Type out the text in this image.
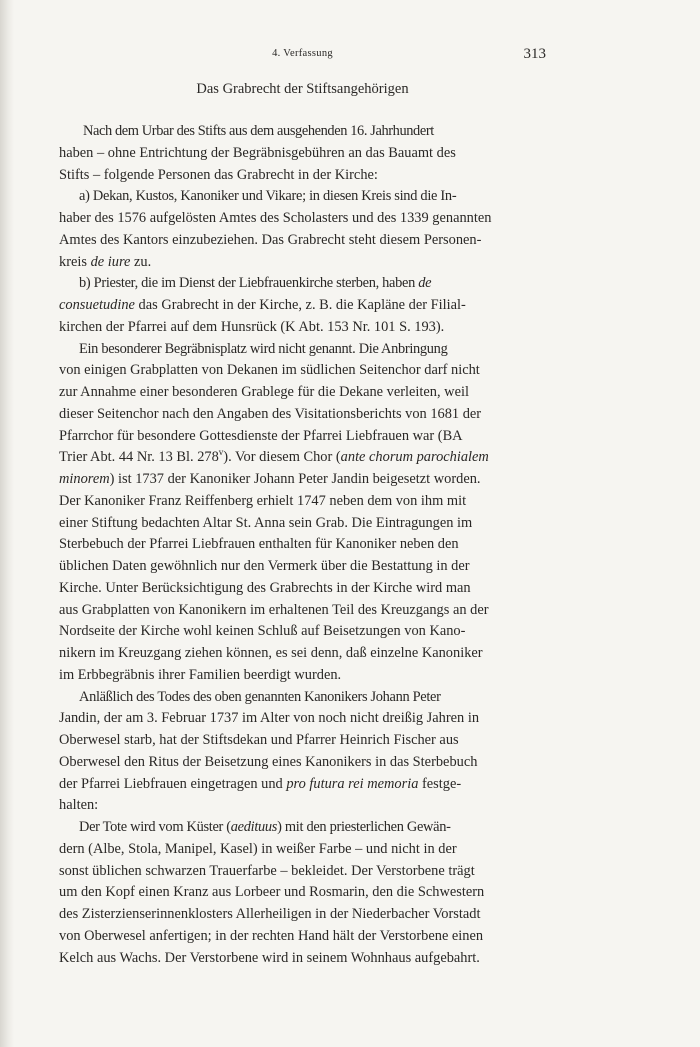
4. Verfassung	313
Das Grabrecht der Stiftsangehörigen

Nach dem Urbar des Stifts aus dem ausgehenden 16. Jahrhundert
haben – ohne Entrichtung der Begräbnisgebühren an das Bauamt des
Stifts – folgende Personen das Grabrecht in der Kirche:

a) Dekan, Kustos, Kanoniker und Vikare; in diesen Kreis sind die In-
haber des 1576 aufgelösten Amtes des Scholasters und des 1339 genannten
Amtes des Kantors einzubeziehen. Das Grabrecht steht diesem Personen-
kreis de iure zu.

b) Priester, die im Dienst der Liebfrauenkirche sterben, haben de
consuetudine das Grabrecht in der Kirche, z. B. die Kapläne der Filial-
kirchen der Pfarrei auf dem Hunsrück (K Abt. 153 Nr. 101 S. 193).

Ein besonderer Begräbnisplatz wird nicht genannt. Die Anbringung
von einigen Grabplatten von Dekanen im südlichen Seitenchor darf nicht
zur Annahme einer besonderen Grablege für die Dekane verleiten, weil
dieser Seitenchor nach den Angaben des Visitationsberichts von 1681 der
Pfarrchor für besondere Gottesdienste der Pfarrei Liebfrauen war (BA
Trier Abt. 44 Nr. 13 Bl. 278$^v$). Vor diesem Chor (ante chorum parochialem
minorem) ist 1737 der Kanoniker Johann Peter Jandin beigesetzt worden.
Der Kanoniker Franz Reiffenberg erhielt 1747 neben dem von ihm mit
einer Stiftung bedachten Altar St. Anna sein Grab. Die Eintragungen im
Sterbebuch der Pfarrei Liebfrauen enthalten für Kanoniker neben den
üblichen Daten gewöhnlich nur den Vermerk über die Bestattung in der
Kirche. Unter Berücksichtigung des Grabrechts in der Kirche wird man
aus Grabplatten von Kanonikern im erhaltenen Teil des Kreuzgangs an der
Nordseite der Kirche wohl keinen Schluß auf Beisetzungen von Kano-
nikern im Kreuzgang ziehen können, es sei denn, daß einzelne Kanoniker
im Erbbegräbnis ihrer Familien beerdigt wurden.

Anläßlich des Todes des oben genannten Kanonikers Johann Peter
Jandin, der am 3. Februar 1737 im Alter von noch nicht dreißig Jahren in
Oberwesel starb, hat der Stiftsdekan und Pfarrer Heinrich Fischer aus
Oberwesel den Ritus der Beisetzung eines Kanonikers in das Sterbebuch
der Pfarrei Liebfrauen eingetragen und pro futura rei memoria festge-
halten:

Der Tote wird vom Küster (aedituus) mit den priesterlichen Gewän-
dern (Albe, Stola, Manipel, Kasel) in weißer Farbe – und nicht in der
sonst üblichen schwarzen Trauerfarbe – bekleidet. Der Verstorbene trägt
um den Kopf einen Kranz aus Lorbeer und Rosmarin, den die Schwestern
des Zisterzienserinnenklosters Allerheiligen in der Niederbacher Vorstadt
von Oberwesel anfertigen; in der rechten Hand hält der Verstorbene einen
Kelch aus Wachs. Der Verstorbene wird in seinem Wohnhaus aufgebahrt.
